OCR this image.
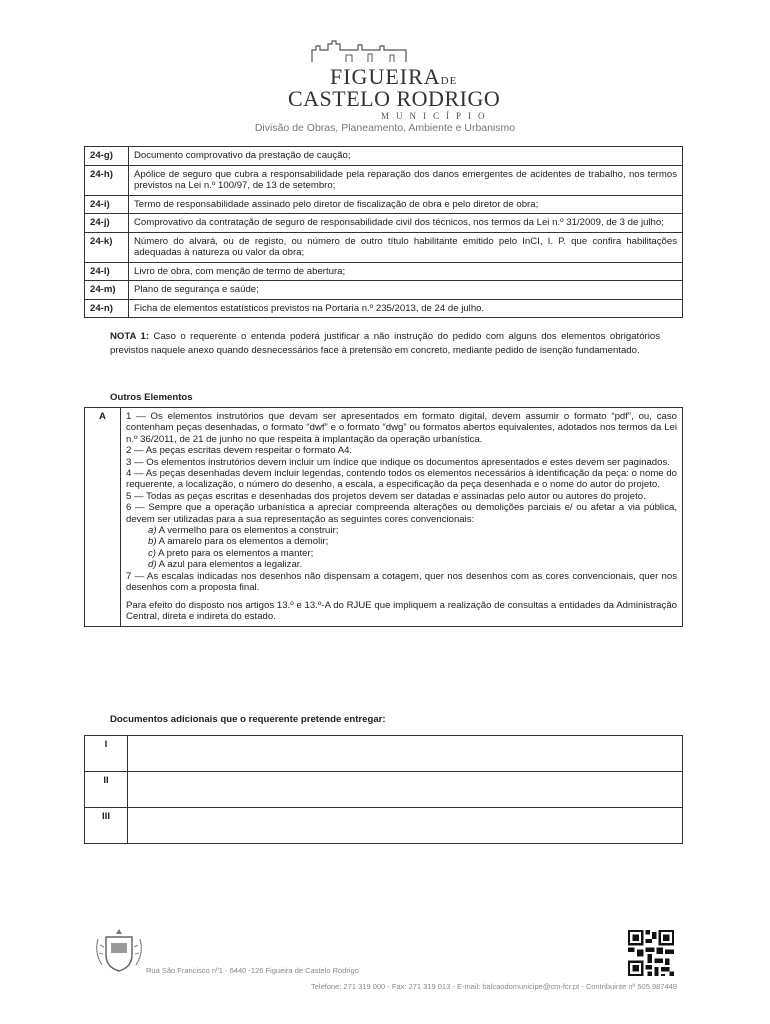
FIGUEIRADE
CASTELO RODRIGO
MUNICÍPIO
Divisão de Obras, Planeamento, Ambiente e Urbanismo
24-g)	Documento comprovativo da prestação de caução;
24-h)	Apólice de seguro que cubra a responsabilidade pela reparação dos danos emergentes de acidentes de trabalho, nos termos previstos na Lei n.º 100/97, de 13 de setembro;
24-i)	Termo de responsabilidade assinado pelo diretor de fiscalização de obra e pelo diretor de obra;
24-j)	Comprovativo da contratação de seguro de responsabilidade civil dos técnicos, nos termos da Lei n.º 31/2009, de 3 de julho;
24-k)	Número do alvará, ou de registo, ou número de outro título habilitante emitido pelo InCI, I. P. que confira habilitações adequadas à natureza ou valor da obra;
24-l)	Livro de obra, com menção de termo de abertura;
24-m)	Plano de segurança e saúde;
24-n)	Ficha de elementos estatísticos previstos na Portaria n.º 235/2013, de 24 de julho.
NOTA 1: Caso o requerente o entenda poderá justificar a não instrução do pedido com alguns dos elementos obrigatórios previstos naquele anexo quando desnecessários face à pretensão em concreto, mediante pedido de isenção fundamentado.
Outros Elementos
A	1 — Os elementos instrutórios que devam ser apresentados em formato digital, devem assumir o formato “pdf”, ou, caso contenham peças desenhadas, o formato “dwf” e o formato “dwg” ou formatos abertos equivalentes, adotados nos termos da Lei n.º 36/2011, de 21 de junho no que respeita à implantação da operação urbanística.
2 — As peças escritas devem respeitar o formato A4.
3 — Os elementos instrutórios devem incluir um índice que indique os documentos apresentados e estes devem ser paginados.
4 — As peças desenhadas devem incluir legendas, contendo todos os elementos necessários à identificação da peça: o nome do requerente, a localização, o número do desenho, a escala, a especificação da peça desenhada e o nome do autor do projeto.
5 — Todas as peças escritas e desenhadas dos projetos devem ser datadas e assinadas pelo autor ou autores do projeto.
6 — Sempre que a operação urbanística a apreciar compreenda alterações ou demolições parciais e/ ou afetar a via pública, devem ser utilizadas para a sua representação as seguintes cores convencionais:
a) A vermelho para os elementos a construir;
b) A amarelo para os elementos a demolir;
c) A preto para os elementos a manter;
d) A azul para elementos a legalizar.
7 — As escalas indicadas nos desenhos não dispensam a cotagem, quer nos desenhos com as cores convencionais, quer nos desenhos com a proposta final.
Para efeito do disposto nos artigos 13.º e 13.º-A do RJUE que impliquem a realização de consultas a entidades da Administração Central, direta e indireta do estado.
Documentos adicionais que o requerente pretende entregar:
I	
II	
III	
Rua São Francisco nº1 - 6440 -126 Figueira de Castelo Rodrigo
Telefone: 271 319 000 - Fax: 271 319 013 - E-mail: balcaodomunicipe@cm-fcr.pt - Contribuinte nº 505 987449
